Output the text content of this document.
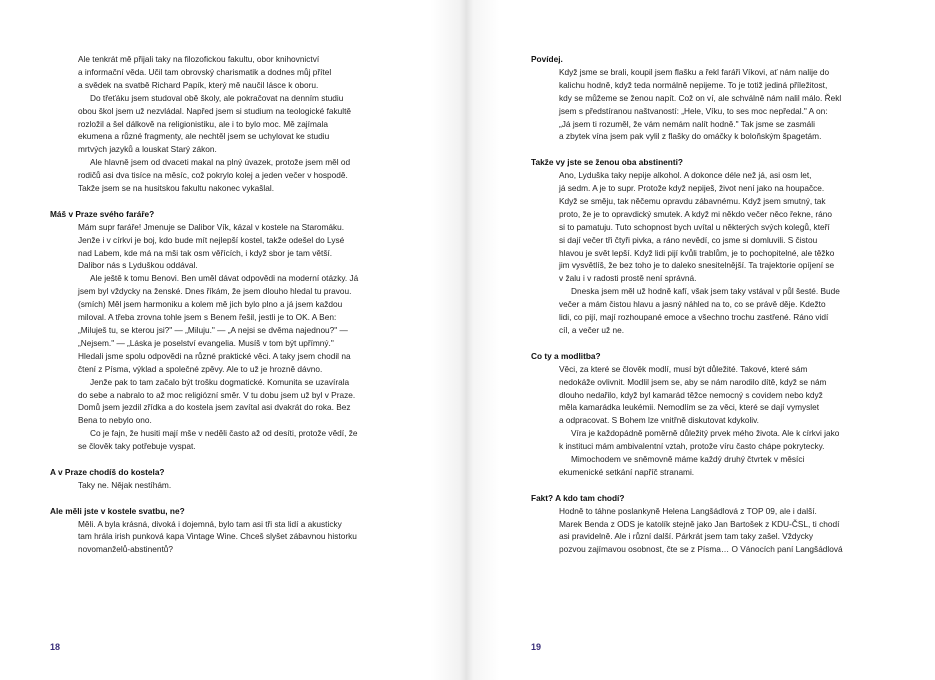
Ale tenkrát mě přijali taky na filozofickou fakultu, obor knihovnictví
a informační věda. Učil tam obrovský charismatik a dodnes můj přítel
a svědek na svatbě Richard Papík, který mě naučil lásce k oboru.
Do třeťáku jsem studoval obě školy, ale pokračovat na denním studiu
obou škol jsem už nezvládal. Napřed jsem si studium na teologické fakultě
rozložil a šel dálkově na religionistiku, ale i to bylo moc. Mě zajímala
ekumena a různé fragmenty, ale nechtěl jsem se uchylovat ke studiu
mrtvých jazyků a louskat Starý zákon.
Ale hlavně jsem od dvaceti makal na plný úvazek, protože jsem měl od
rodičů asi dva tisíce na měsíc, což pokrylo kolej a jeden večer v hospodě.
Takže jsem se na husitskou fakultu nakonec vykašlal.
Máš v Praze svého faráře?
Mám supr faráře! Jmenuje se Dalibor Vík, kázal v kostele na Staromáku.
Jenže i v církvi je boj, kdo bude mít nejlepší kostel, takže odešel do Lysé
nad Labem, kde má na mši tak osm věřících, i když sbor je tam větší.
Dalibor nás s Lyduškou oddával.
Ale ještě k tomu Benovi. Ben uměl dávat odpovědi na moderní otázky. Já
jsem byl vždycky na ženské. Dnes říkám, že jsem dlouho hledal tu pravou.
(smích) Měl jsem harmoniku a kolem mě jich bylo plno a já jsem každou
miloval. A třeba zrovna tohle jsem s Benem řešil, jestli je to OK. A Ben:
„Miluješ tu, se kterou jsi?" — „Miluju." — „A nejsi se dvěma najednou?" —
„Nejsem." — „Láska je poselství evangelia. Musíš v tom být upřímný."
Hledali jsme spolu odpovědi na různé praktické věci. A taky jsem chodil na
čtení z Písma, výklad a společné zpěvy. Ale to už je hrozně dávno.
Jenže pak to tam začalo být trošku dogmatické. Komunita se uzavírala
do sebe a nabralo to až moc religiózní směr. V tu dobu jsem už byl v Praze.
Domů jsem jezdil zřídka a do kostela jsem zavítal asi dvakrát do roka. Bez
Bena to nebylo ono.
Co je fajn, že husiti mají mše v neděli často až od desíti, protože vědí, že
se člověk taky potřebuje vyspat.
A v Praze chodíš do kostela?
Taky ne. Nějak nestíhám.
Ale měli jste v kostele svatbu, ne?
Měli. A byla krásná, divoká i dojemná, bylo tam asi tři sta lidí a akusticky
tam hrála irish punková kapa Vintage Wine. Chceš slyšet zábavnou historku
novomanželů-abstinentů?
18
Povídej.
Když jsme se brali, koupil jsem flašku a řekl faráři Víkovi, ať nám nalije do
kalichu hodně, když teda normálně nepijeme. To je totiž jediná příležitost,
kdy se můžeme se ženou napít. Což on ví, ale schválně nám nalil málo. Řekl
jsem s předstíranou naštvaností: „Hele, Víku, to ses moc nepředal." A on:
„Já jsem ti rozuměl, že vám nemám nalít hodně." Tak jsme se zasmáli
a zbytek vína jsem pak vylil z flašky do omáčky k boloňským špagetám.
Takže vy jste se ženou oba abstinenti?
Ano, Lyduška taky nepije alkohol. A dokonce déle než já, asi osm let,
já sedm. A je to supr. Protože když nepiješ, život není jako na houpačce.
Když se směju, tak něčemu opravdu zábavnému. Když jsem smutný, tak
proto, že je to opravdický smutek. A když mi někdo večer něco řekne, ráno
si to pamatuju. Tuto schopnost bych uvítal u některých svých kolegů, kteří
si dají večer tři čtyři pivka, a ráno nevědí, co jsme si domluvili. S čistou
hlavou je svět lepší. Když lidi pijí kvůli trablům, je to pochopitelné, ale těžko
jim vysvětlíš, že bez toho je to daleko snesitelnější. Ta trajektorie opíjení se
v žalu i v radosti prostě není správná.
Dneska jsem měl už hodně kafí, však jsem taky vstával v půl šesté. Bude
večer a mám čistou hlavu a jasný náhled na to, co se právě děje. Kdežto
lidi, co pijí, mají rozhoupané emoce a všechno trochu zastřené. Ráno vidí
cíl, a večer už ne.
Co ty a modlitba?
Věci, za které se člověk modlí, musí být důležité. Takové, které sám
nedokáže ovlivnit. Modlil jsem se, aby se nám narodilo dítě, když se nám
dlouho nedařilo, když byl kamarád těžce nemocný s covidem nebo když
měla kamarádka leukémii. Nemodlím se za věci, které se dají vymyslet
a odpracovat. S Bohem lze vnitřně diskutovat kdykoliv.
Víra je každopádně poměrně důležitý prvek mého života. Ale k církvi jako
k instituci mám ambivalentní vztah, protože víru často chápe pokrytecky.
Mimochodem ve sněmovně máme každý druhý čtvrtek v měsíci
ekumenické setkání napříč stranami.
Fakt? A kdo tam chodí?
Hodně to táhne poslankyně Helena Langšádlová z TOP 09, ale i další.
Marek Benda z ODS je katolík stejně jako Jan Bartošek z KDU-ČSL, ti chodí
asi pravidelně. Ale i různí další. Párkrát jsem tam taky zašel. Vždycky
pozvou zajímavou osobnost, čte se z Písma… O Vánocích paní Langšádlová
19
